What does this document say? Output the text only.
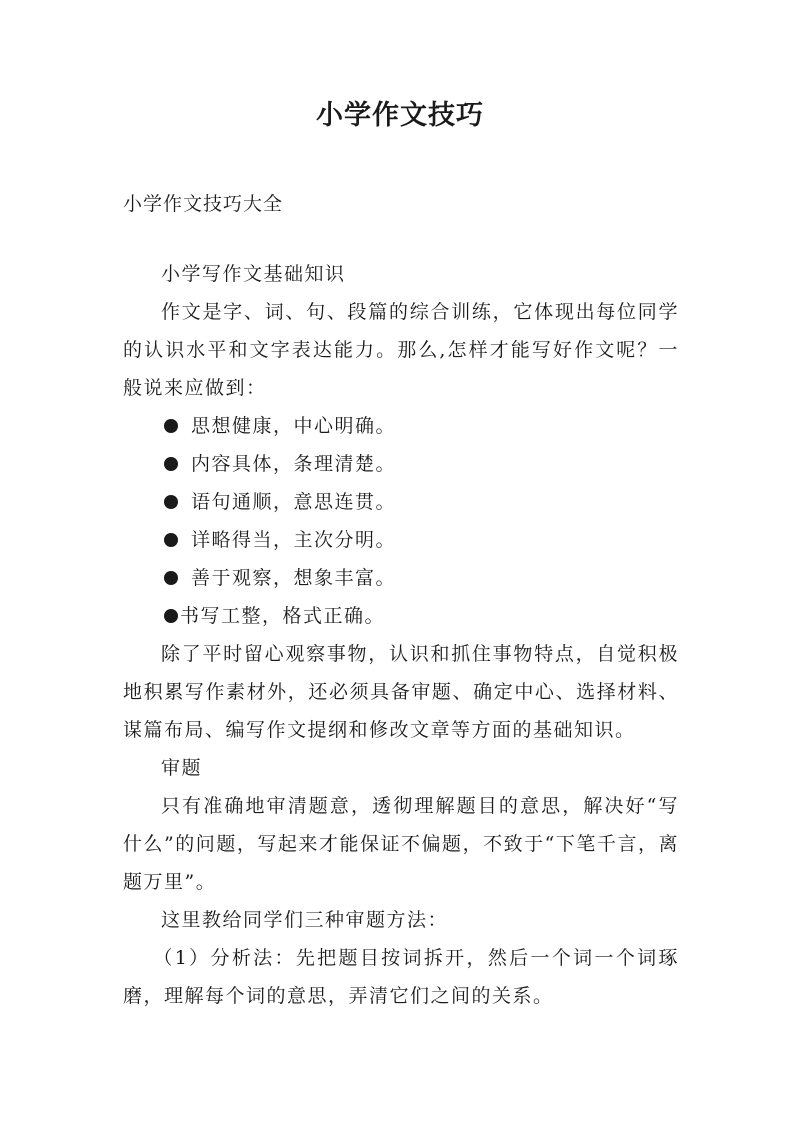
小学作文技巧
小学作文技巧大全

小学写作文基础知识

作文是字、词、句、段篇的综合训练，它体现出每位同学的认识水平和文字表达能力。那么,怎样才能写好作文呢？一般说来应做到：

思想健康，中心明确。

内容具体，条理清楚。

语句通顺，意思连贯。

详略得当，主次分明。

善于观察，想象丰富。

书写工整，格式正确。

除了平时留心观察事物，认识和抓住事物特点，自觉积极地积累写作素材外，还必须具备审题、确定中心、选择材料、谋篇布局、编写作文提纲和修改文章等方面的基础知识。

审题

只有准确地审清题意，透彻理解题目的意思，解决好“写什么”的问题，写起来才能保证不偏题，不致于“下笔千言，离题万里”。

这里教给同学们三种审题方法：

（1）分析法：先把题目按词拆开，然后一个词一个词琢磨，理解每个词的意思，弄清它们之间的关系。
